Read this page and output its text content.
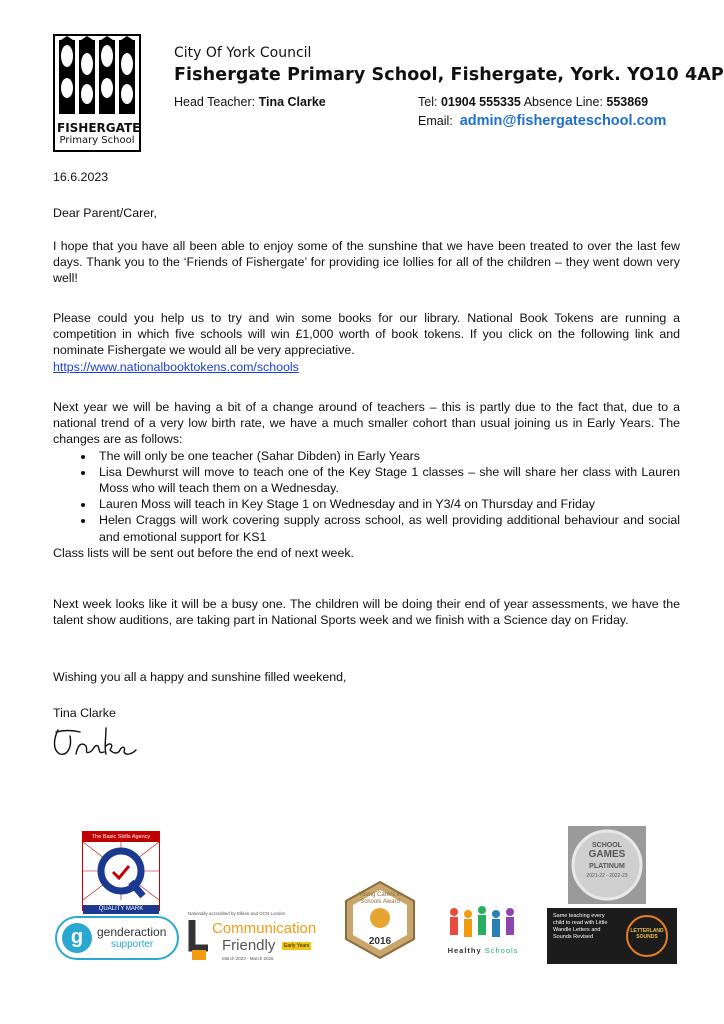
FISHERGATE
Primary School
City Of York Council
Fishergate Primary School, Fishergate, York. YO10 4AP
Head Teacher: Tina Clarke	Tel: 01904 555335 Absence Line: 553869
Email: admin@fishergateschool.com
16.6.2023
Dear Parent/Carer,
I hope that you have all been able to enjoy some of the sunshine that we have been treated to over the last few days. Thank you to the ‘Friends of Fishergate’ for providing ice lollies for all of the children – they went down very well!
Please could you help us to try and win some books for our library. National Book Tokens are running a competition in which five schools will win £1,000 worth of book tokens. If you click on the following link and nominate Fishergate we would all be very appreciative.
https://www.nationalbooktokens.com/schools
Next year we will be having a bit of a change around of teachers – this is partly due to the fact that, due to a national trend of a very low birth rate, we have a much smaller cohort than usual joining us in Early Years. The changes are as follows:
• The will only be one teacher (Sahar Dibden) in Early Years
• Lisa Dewhurst will move to teach one of the Key Stage 1 classes – she will share her class with Lauren Moss who will teach them on a Wednesday.
• Lauren Moss will teach in Key Stage 1 on Wednesday and in Y3/4 on Thursday and Friday
• Helen Craggs will work covering supply across school, as well providing additional behaviour and social and emotional support for KS1
Class lists will be sent out before the end of next week.
Next week looks like it will be a busy one. The children will be doing their end of year assessments, we have the talent show auditions, are taking part in National Sports week and we finish with a Science day on Friday.
Wishing you all a happy and sunshine filled weekend,
Tina Clarke
The Basic Skills Agency
QUALITY MARK
g	genderaction
supporter
Nationally accredited by Elklan and OCN London
Communication
Friendly	Early Years
March 2023 - March 2026
Young Carers in Schools Award
2016
Healthy Schools
SCHOOL
GAMES
PLATINUM
2021-22 · 2022-23
Same teaching every child to read with Little Wandle Letters and Sounds Revised
LETTERLAND SOUNDS
